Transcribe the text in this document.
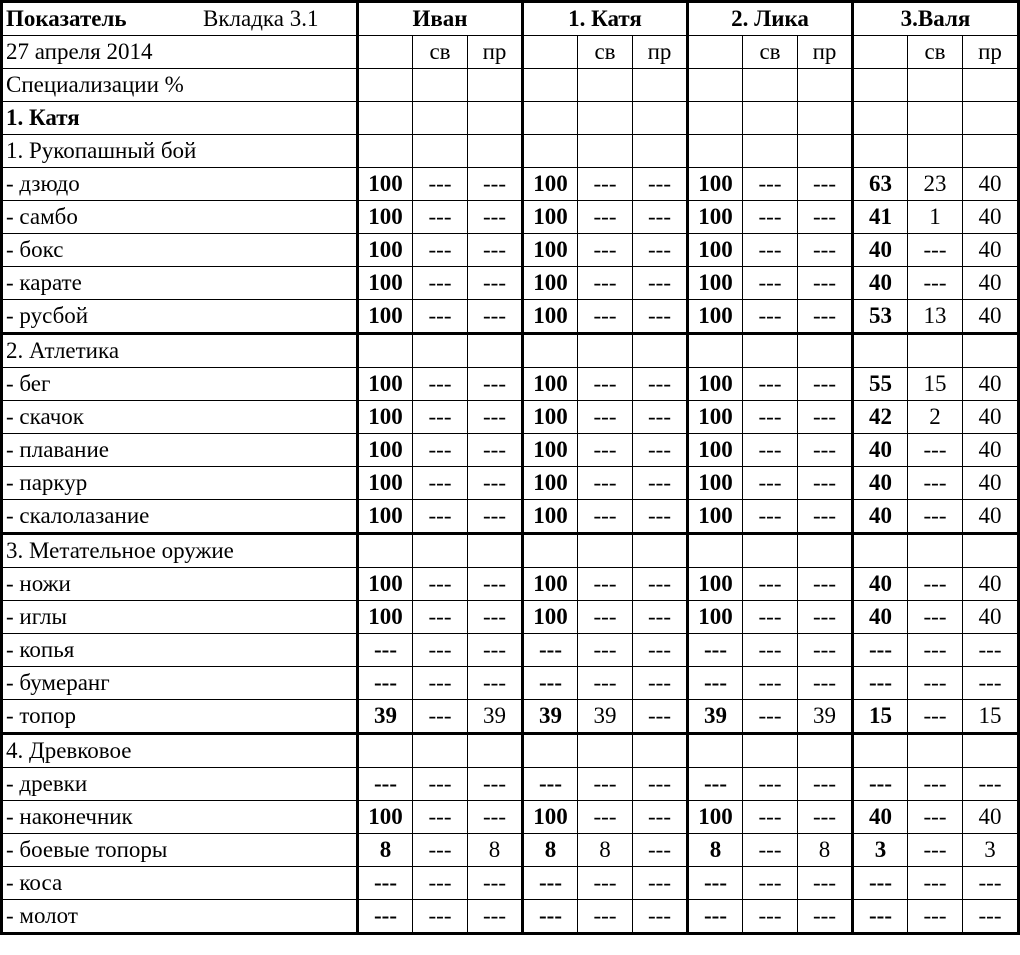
Показатель Вкладка 3.1	Иван			1. Катя			2. Лика			3.Валя		
27 апреля 2014		св	пр		св	пр		св	пр		св	пр
Специализации %												
1. Катя												
1. Рукопашный бой												
- дзюдо	100	---	---	100	---	---	100	---	---	63	23	40
- самбо	100	---	---	100	---	---	100	---	---	41	1	40
- бокс	100	---	---	100	---	---	100	---	---	40	---	40
- карате	100	---	---	100	---	---	100	---	---	40	---	40
- русбой	100	---	---	100	---	---	100	---	---	53	13	40
2. Атлетика												
- бег	100	---	---	100	---	---	100	---	---	55	15	40
- скачок	100	---	---	100	---	---	100	---	---	42	2	40
- плавание	100	---	---	100	---	---	100	---	---	40	---	40
- паркур	100	---	---	100	---	---	100	---	---	40	---	40
- скалолазание	100	---	---	100	---	---	100	---	---	40	---	40
3. Метательное оружие												
- ножи	100	---	---	100	---	---	100	---	---	40	---	40
- иглы	100	---	---	100	---	---	100	---	---	40	---	40
- копья	---	---	---	---	---	---	---	---	---	---	---	---
- бумеранг	---	---	---	---	---	---	---	---	---	---	---	---
- топор	39	---	39	39	39	---	39	---	39	15	---	15
4. Древковое												
- древки	---	---	---	---	---	---	---	---	---	---	---	---
- наконечник	100	---	---	100	---	---	100	---	---	40	---	40
- боевые топоры	8	---	8	8	8	---	8	---	8	3	---	3
- коса	---	---	---	---	---	---	---	---	---	---	---	---
- молот	---	---	---	---	---	---	---	---	---	---	---	---
